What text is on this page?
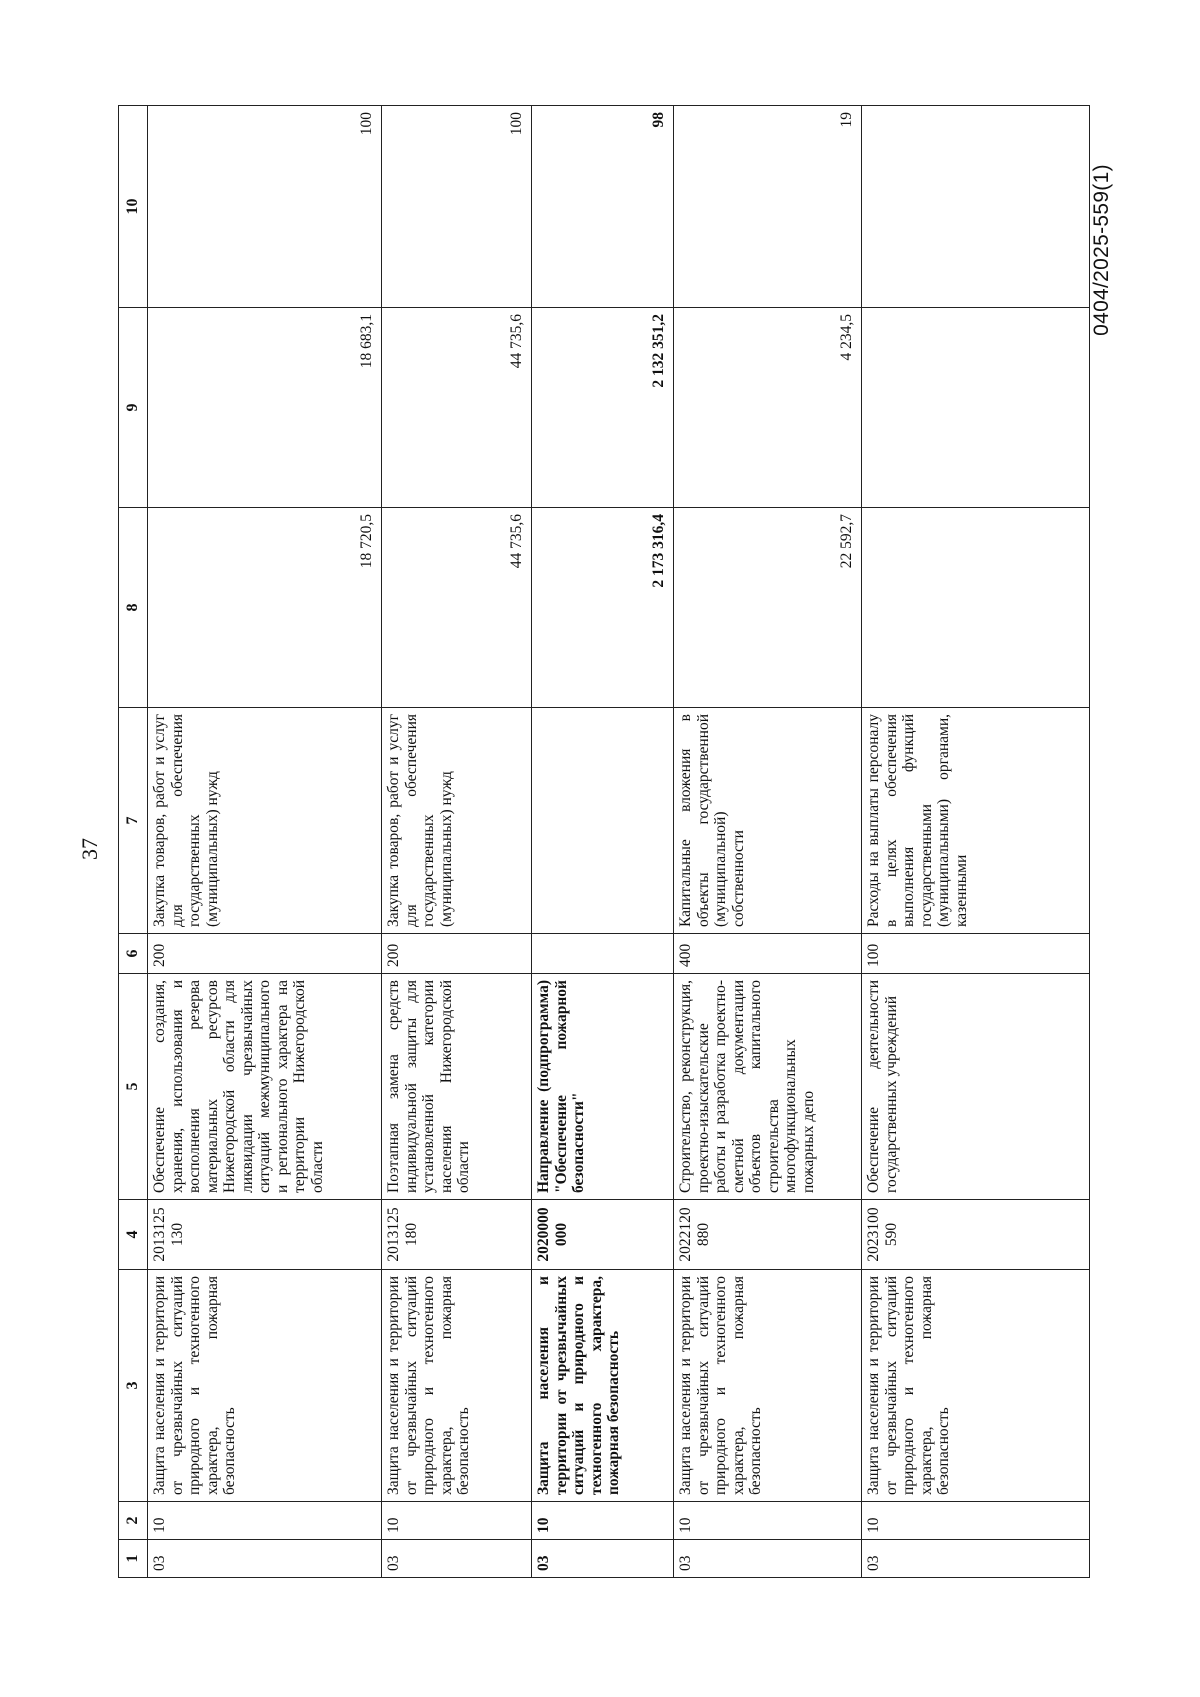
37
0404/2025-559(1)
1	2	3	4	5	6	7	8	9	10
03	10	Защита населения и территории от чрезвычайных ситуаций природного и техногенного характера, пожарная безопасность	2013125 130	Обеспечение создания, хранения, использования и восполнения резерва материальных ресурсов Нижегородской области для ликвидации чрезвычайных ситуаций межмуниципального и регионального характера на территории Нижегородской области	200	Закупка товаров, работ и услуг для обеспечения государственных (муниципальных) нужд	18 720,5	18 683,1	100
03	10	Защита населения и территории от чрезвычайных ситуаций природного и техногенного характера, пожарная безопасность	2013125 180	Поэтапная замена средств индивидуальной защиты для установленной категории населения Нижегородской области	200	Закупка товаров, работ и услуг для обеспечения государственных (муниципальных) нужд	44 735,6	44 735,6	100
03	10	Защита населения и территории от чрезвычайных ситуаций и природного и техногенного характера, пожарная безопасность	2020000 000	Направление (подпрограмма) "Обеспечение пожарной безопасности"			2 173 316,4	2 132 351,2	98
03	10	Защита населения и территории от чрезвычайных ситуаций природного и техногенного характера, пожарная безопасность	2022120 880	Строительство, реконструкция, проектно-изыскательские работы и разработка проектно-сметной документации объектов капитального строительства многофункциональных пожарных депо	400	Капитальные вложения в объекты государственной (муниципальной) собственности	22 592,7	4 234,5	19
03	10	Защита населения и территории от чрезвычайных ситуаций природного и техногенного характера, пожарная безопасность	2023100 590	Обеспечение деятельности государственных учреждений	100	Расходы на выплаты персоналу в целях обеспечения выполнения функций государственными (муниципальными) органами, казенными			
